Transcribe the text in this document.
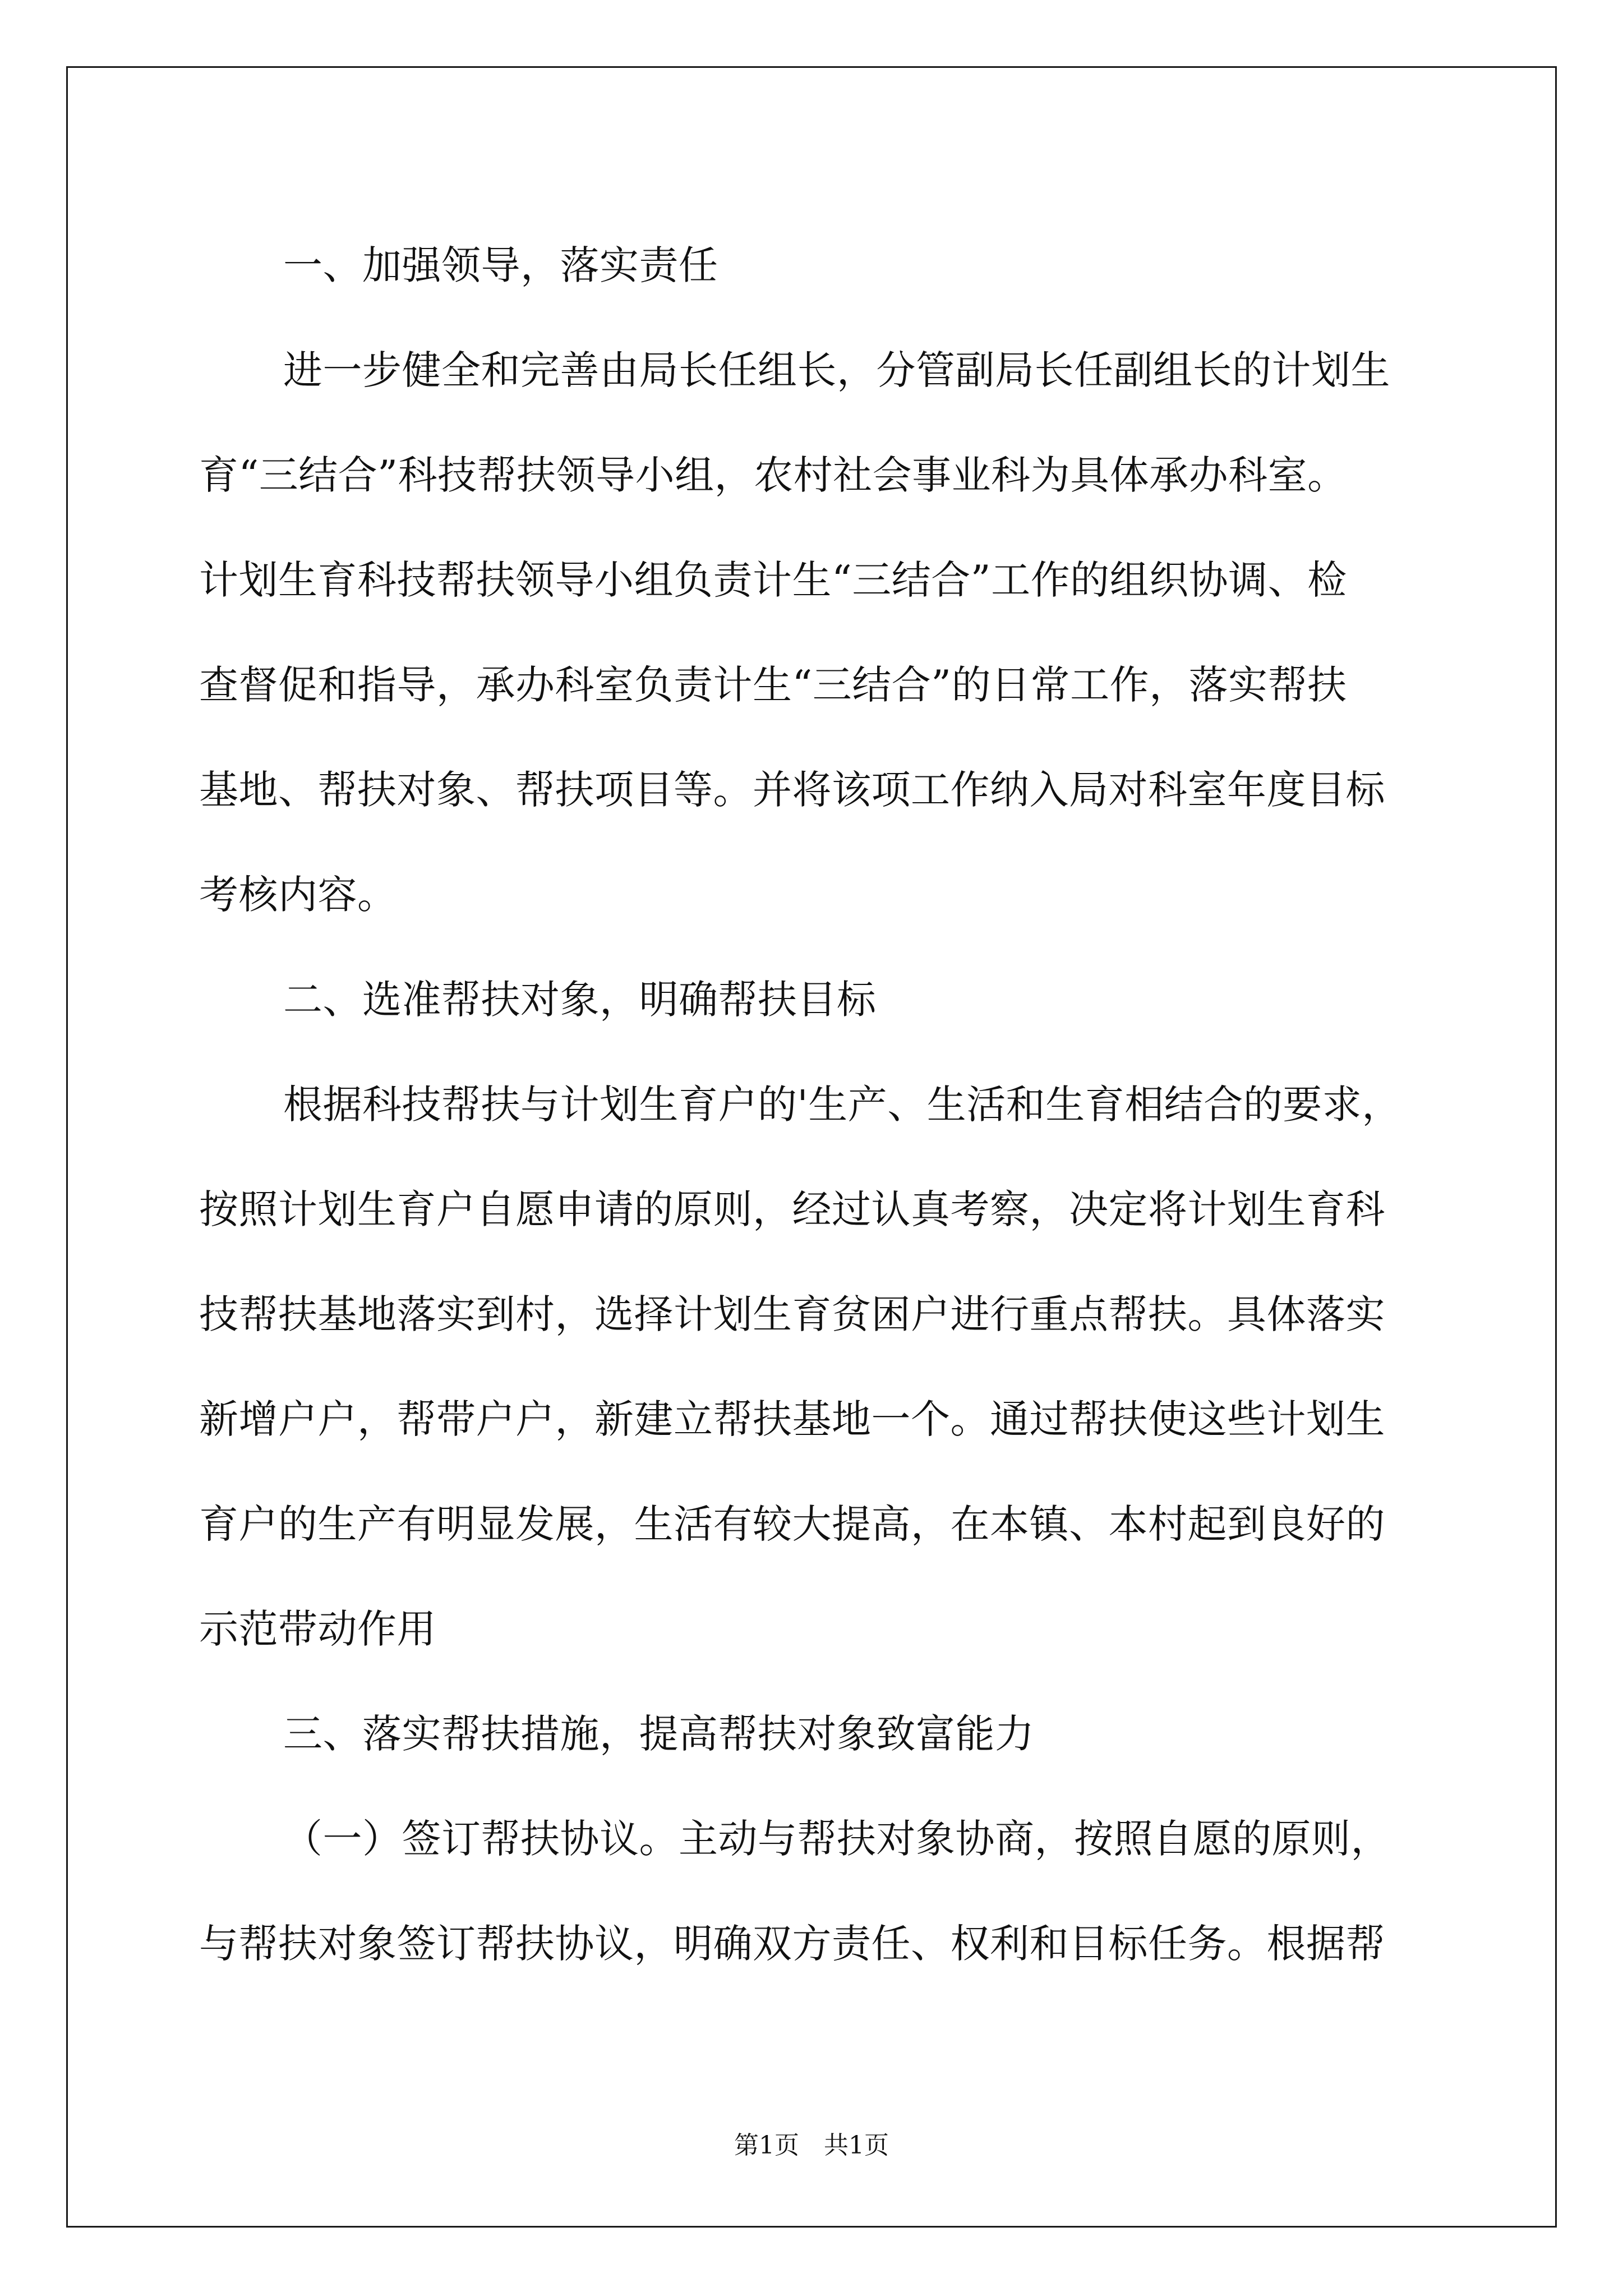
一、加强领导，落实责任
进一步健全和完善由局长任组长，分管副局长任副组长的计划生
育“三结合”科技帮扶领导小组，农村社会事业科为具体承办科室。
计划生育科技帮扶领导小组负责计生“三结合”工作的组织协调、检
查督促和指导，承办科室负责计生“三结合”的日常工作，落实帮扶
基地、帮扶对象、帮扶项目等。并将该项工作纳入局对科室年度目标
考核内容。
二、选准帮扶对象，明确帮扶目标
根据科技帮扶与计划生育户的'生产、生活和生育相结合的要求，
按照计划生育户自愿申请的原则，经过认真考察，决定将计划生育科
技帮扶基地落实到村，选择计划生育贫困户进行重点帮扶。具体落实
新增户户，帮带户户，新建立帮扶基地一个。通过帮扶使这些计划生
育户的生产有明显发展，生活有较大提高，在本镇、本村起到良好的
示范带动作用
三、落实帮扶措施，提高帮扶对象致富能力
（一）签订帮扶协议。主动与帮扶对象协商，按照自愿的原则，
与帮扶对象签订帮扶协议，明确双方责任、权利和目标任务。根据帮
第1页　共1页
